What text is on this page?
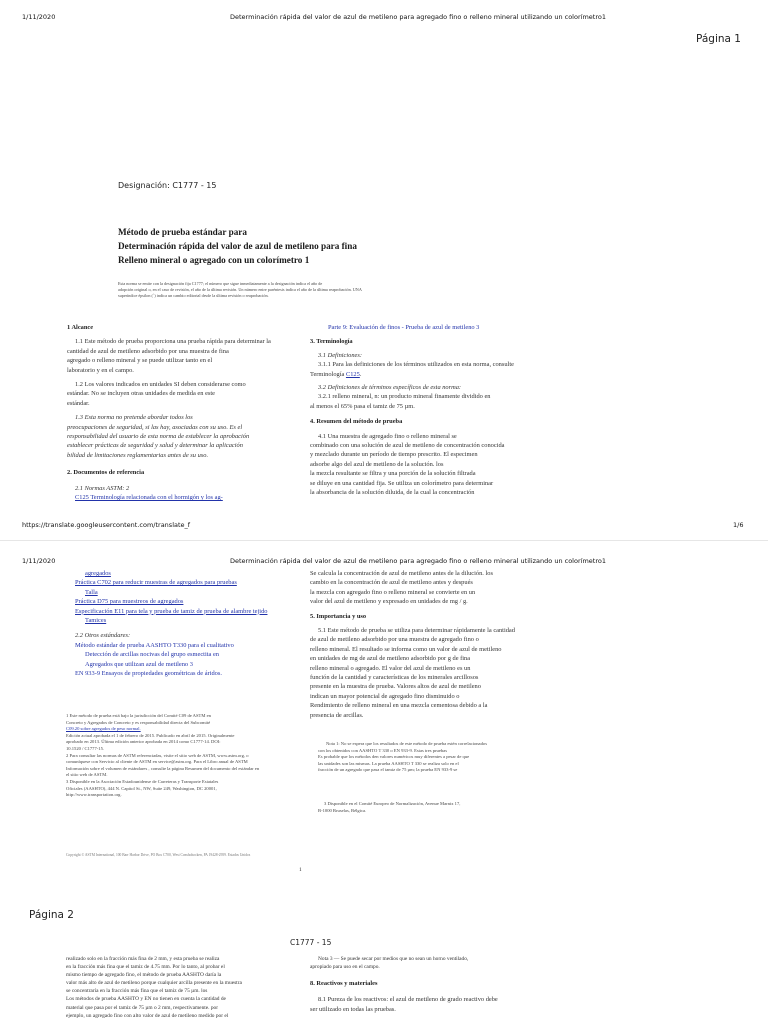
1/11/2020	Determinación rápida del valor de azul de metileno para agregado fino o relleno mineral utilizando un colorímetro1
Página 1
Designación: C1777 - 15
Método de prueba estándar para
Determinación rápida del valor de azul de metileno para fina
Relleno mineral o agregado con un colorímetro 1
Esta norma se emite con la designación fija C1777; el número que sigue inmediatamente a la designación indica el año de
adopción original o, en el caso de revisión, el año de la última revisión. Un número entre paréntesis indica el año de la última reaprobación. UNA
superíndice épsilon (´) indica un cambio editorial desde la última revisión o reaprobación.
1 Alcance
1.1 Este método de prueba proporciona una prueba rápida para determinar la
cantidad de azul de metileno adsorbido por una muestra de fina
agregado o relleno mineral y se puede utilizar tanto en el
laboratorio y en el campo.
1.2 Los valores indicados en unidades SI deben considerarse como
estándar. No se incluyen otras unidades de medida en este
estándar.
1.3 Esta norma no pretende abordar todos los
preocupaciones de seguridad, si las hay, asociadas con su uso. Es el
responsabilidad del usuario de esta norma de establecer la aprobación
establecer prácticas de seguridad y salud y determinar la aplicación
bilidad de limitaciones reglamentarias antes de su uso.
2. Documentos de referencia
2.1 Normas ASTM: 2
C125 Terminología relacionada con el hormigón y los ag-
Parte 9: Evaluación de finos - Prueba de azul de metileno 3
3. Terminología
3.1 Definiciones:
3.1.1 Para las definiciones de los términos utilizados en esta norma, consulte
Terminología C125.
3.2 Definiciones de términos específicos de esta norma:
3.2.1 relleno mineral, n: un producto mineral finamente dividido en
al menos el 65% pasa el tamiz de 75 µm.
4. Resumen del método de prueba
4.1 Una muestra de agregado fino o relleno mineral se
combinado con una solución de azul de metileno de concentración conocida
y mezclado durante un período de tiempo prescrito. El especimen
adsorbe algo del azul de metileno de la solución. los
la mezcla resultante se filtra y una porción de la solución filtrada
se diluye en una cantidad fija. Se utiliza un colorímetro para determinar
la absorbancia de la solución diluida, de la cual la concentración
https://translate.googleusercontent.com/translate_f	1/6
1/11/2020	Determinación rápida del valor de azul de metileno para agregado fino o relleno mineral utilizando un colorímetro1
agregados
Práctica C702 para reducir muestras de agregados para pruebas
Talla
Práctica D75 para muestreos de agregados
Especificación E11 para tela y prueba de tamiz de prueba de alambre tejido
Tamices
2.2 Otros estándares:
Método estándar de prueba AASHTO T330 para el cualitativo
Detección de arcillas nocivas del grupo esmectita en
Agregados que utilizan azul de metileno 3
EN 933-9 Ensayos de propiedades geométricas de áridos.
1 Este método de prueba está bajo la jurisdicción del Comité C09 de ASTM en
Concreto y Agregados de Concreto y es responsabilidad directa del Subcomité
C09.20 sobre agregados de peso normal.
Edición actual aprobada el 1 de febrero de 2015. Publicado en abril de 2015. Originalmente
aprobado en 2013. Última edición anterior aprobada en 2014 como C1777-14. DOI:
10.1520 / C1777-15.
2 Para consultar las normas de ASTM referenciadas, visite el sitio web de ASTM, www.astm.org, o
comuníquese con Servicio al cliente de ASTM en service@astm.org. Para el Libro anual de ASTM
Información sobre el volumen de estándares , consulte la página Resumen del documento del estándar en
el sitio web de ASTM.
3 Disponible en la Asociación Estadounidense de Carreteras y Transporte Estatales
Oficiales (AASHTO), 444 N. Capitol St., NW, Suite 249, Washington, DC 20001,
http://www.transportation.org.
Se calcula la concentración de azul de metileno antes de la dilución. los
cambio en la concentración de azul de metileno antes y después
la mezcla con agregado fino o relleno mineral se convierte en un
valor del azul de metileno y expresado en unidades de mg / g.
5. Importancia y uso
5.1 Este método de prueba se utiliza para determinar rápidamente la cantidad
de azul de metileno adsorbido por una muestra de agregado fino o
relleno mineral. El resultado se informa como un valor de azul de metileno
en unidades de mg de azul de metileno adsorbido por g de fina
relleno mineral o agregado. El valor del azul de metileno es un
función de la cantidad y características de los minerales arcillosos
presente en la muestra de prueba. Valores altos de azul de metileno
indican un mayor potencial de agregado fino disminuido o
Rendimiento de relleno mineral en una mezcla cementosa debido a la
presencia de arcillas.
Nota 1: No se espera que los resultados de este método de prueba estén correlacionados
con los obtenidos con AASHTO T 330 o EN 933-9. Estas tres pruebas
Es probable que los métodos den valores numéricos muy diferentes a pesar de que
las unidades son las mismas. La prueba AASHTO T 330 se realiza solo en el
fracción de un agregado que pasa el tamiz de 75 µm; la prueba EN 933-9 se
3 Disponible en el Comité Europeo de Normalización, Avenue Marnix 17,
B-1000 Bruselas, Bélgica.
Copyright © ASTM International, 100 Barr Harbor Drive, PO Box C700, West Conshohocken, PA 19428-2959. Estados Unidos
1
Página 2
C1777 - 15
realizado solo en la fracción más fina de 2 mm, y esta prueba se realiza
en la fracción más fina que el tamiz de 4.75 mm. Por lo tanto, al probar el
mismo tiempo de agregado fino, el método de prueba AASHTO daría la
valor más alto de azul de metileno porque cualquier arcilla presente en la muestra
se concentraría en la fracción más fina que el tamiz de 75 µm. los
Los métodos de prueba AASHTO y EN no tienen en cuenta la cantidad de
material que pasa por el tamiz de 75 µm o 2 mm, respectivamente. por
ejemplo, un agregado fino con alto valor de azul de metileno medido por el
Nota 3 — Se puede secar por medios que no sean un horno ventilado,
apropiado para uso en el campo.
8. Reactivos y materiales
8.1 Pureza de los reactivos: el azul de metileno de grado reactivo debe
ser utilizado en todas las pruebas.
